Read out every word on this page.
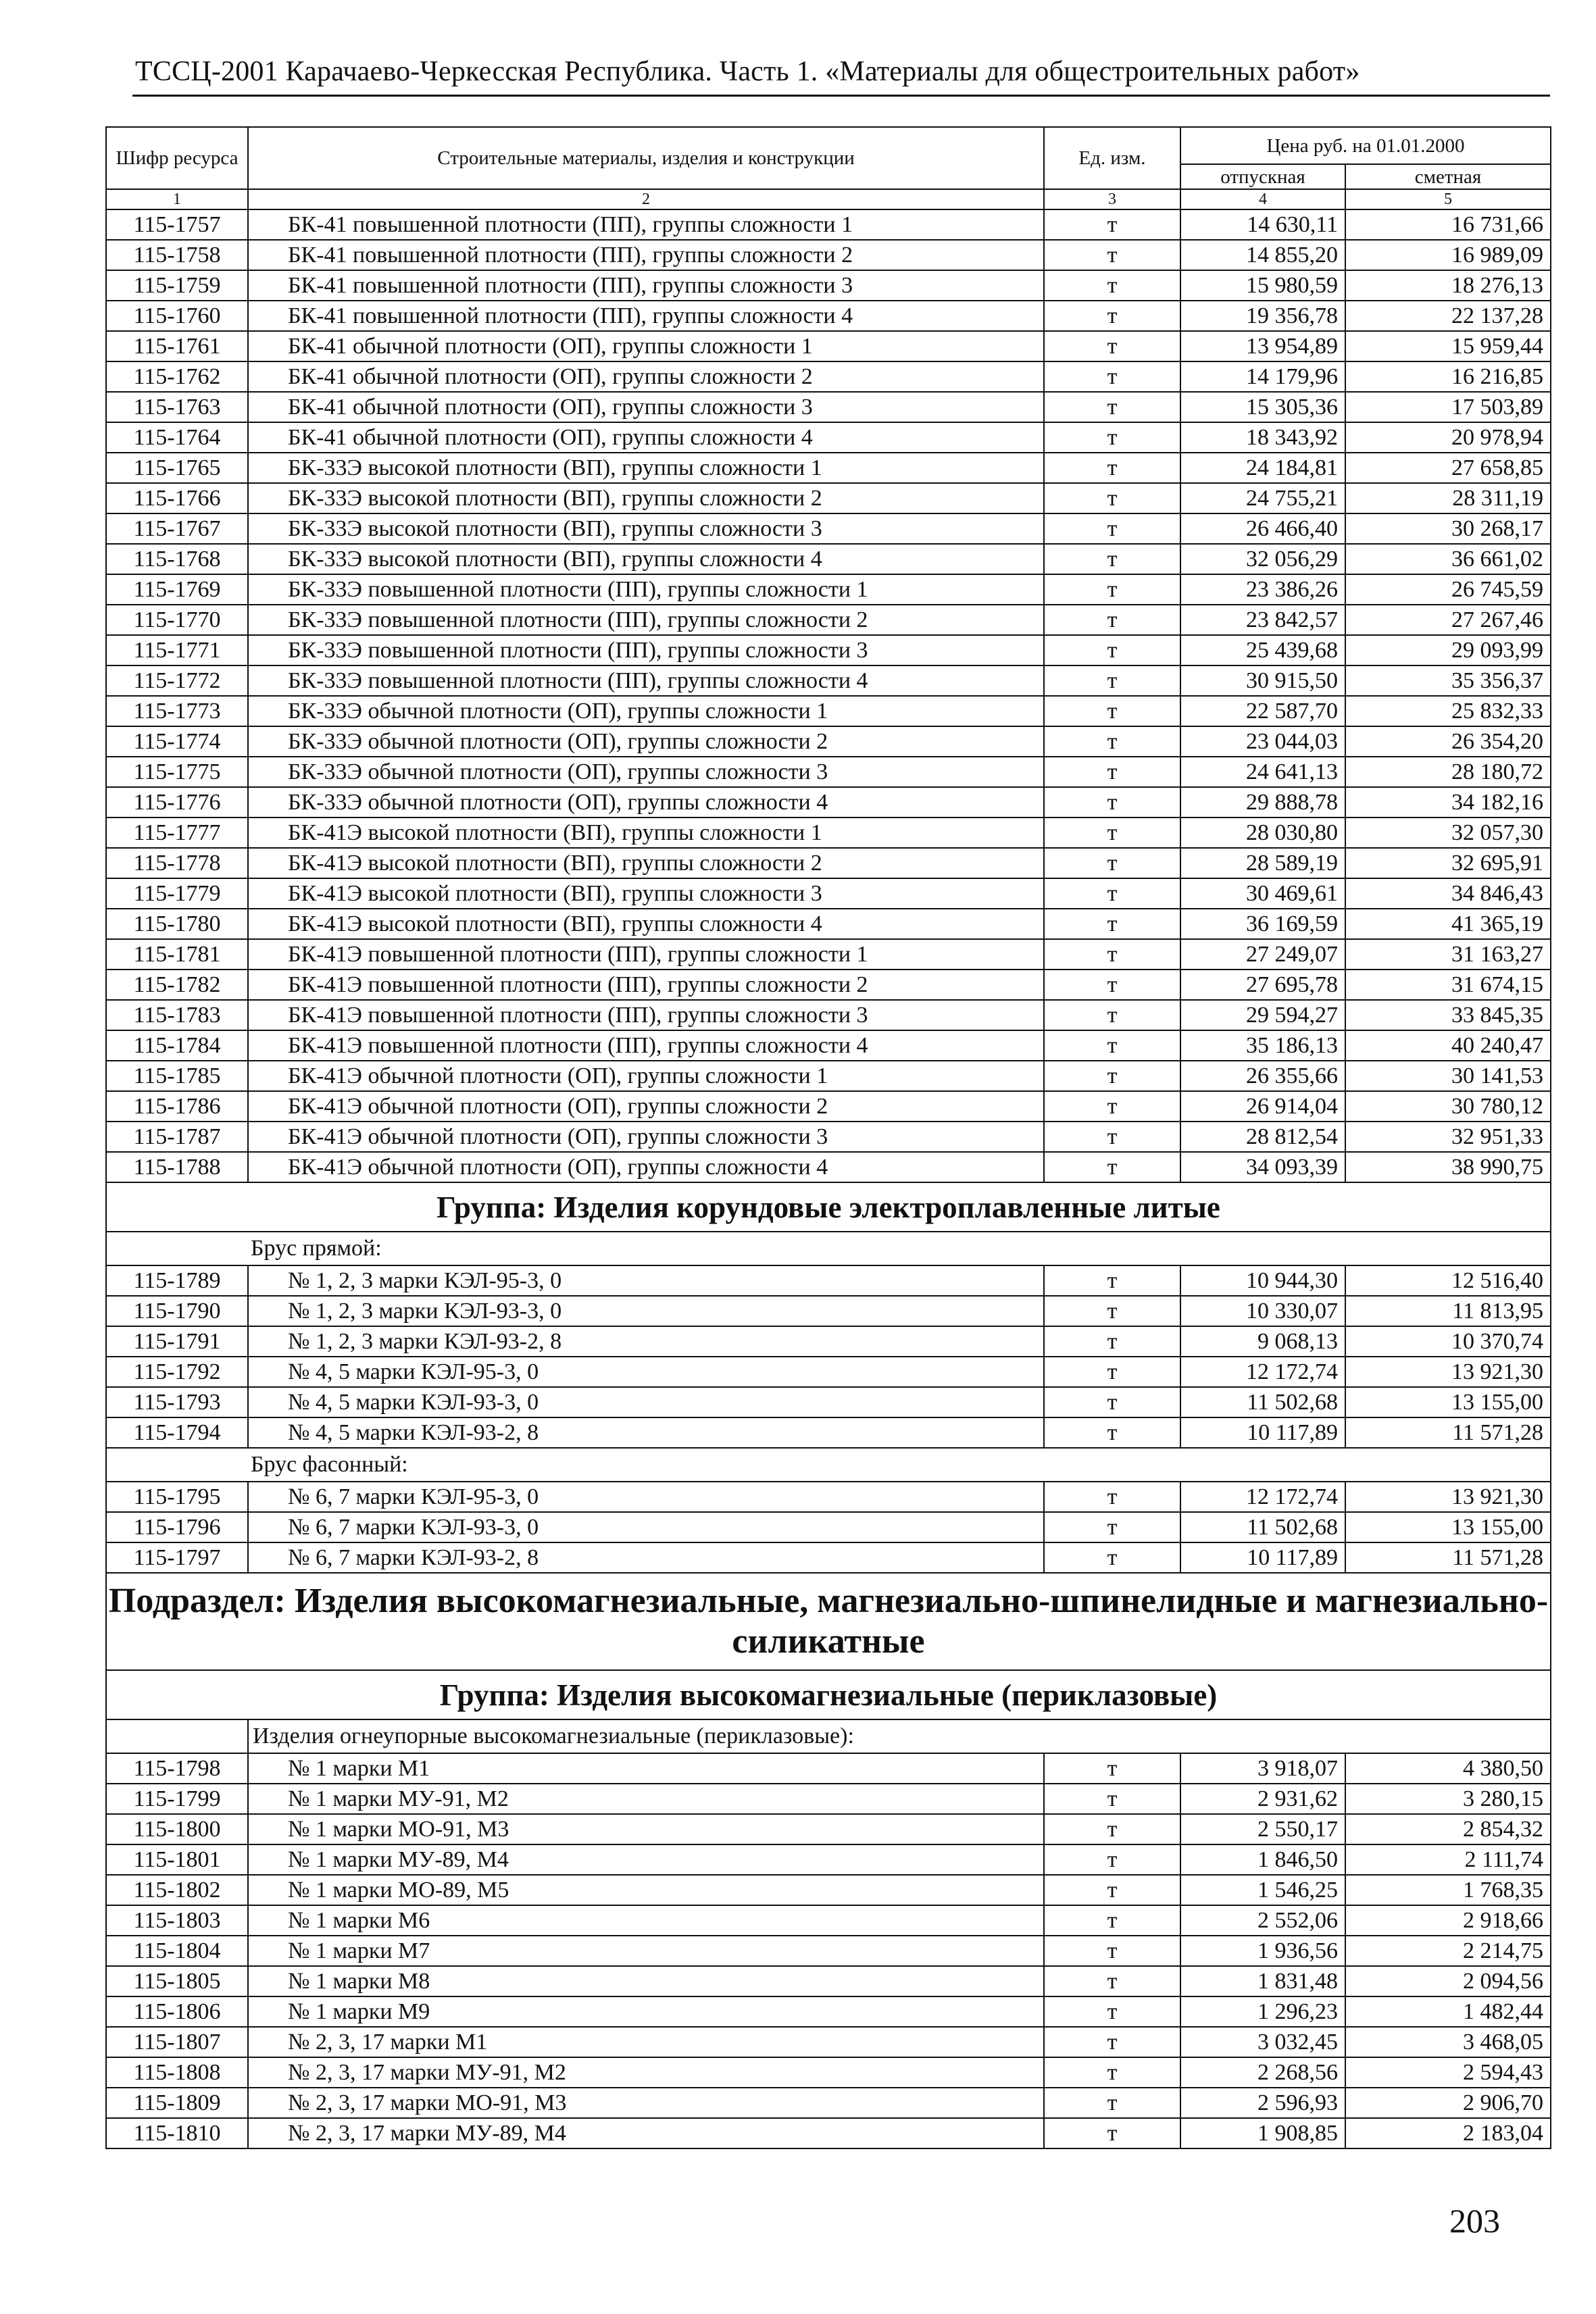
ТССЦ-2001 Карачаево-Черкесская Республика. Часть 1. «Материалы для общестроительных работ»
Шифр ресурса	Строительные материалы, изделия и конструкции	Ед. изм.	Цена руб. на 01.01.2000	
			отпускная	сметная
1	2	3	4	5
115-1757	БК-41 повышенной плотности (ПП), группы сложности 1	т	14 630,11	16 731,66
115-1758	БК-41 повышенной плотности (ПП), группы сложности 2	т	14 855,20	16 989,09
115-1759	БК-41 повышенной плотности (ПП), группы сложности 3	т	15 980,59	18 276,13
115-1760	БК-41 повышенной плотности (ПП), группы сложности 4	т	19 356,78	22 137,28
115-1761	БК-41 обычной плотности (ОП), группы сложности 1	т	13 954,89	15 959,44
115-1762	БК-41 обычной плотности (ОП), группы сложности 2	т	14 179,96	16 216,85
115-1763	БК-41 обычной плотности (ОП), группы сложности 3	т	15 305,36	17 503,89
115-1764	БК-41 обычной плотности (ОП), группы сложности 4	т	18 343,92	20 978,94
115-1765	БК-33Э высокой плотности (ВП), группы сложности 1	т	24 184,81	27 658,85
115-1766	БК-33Э высокой плотности (ВП), группы сложности 2	т	24 755,21	28 311,19
115-1767	БК-33Э высокой плотности (ВП), группы сложности 3	т	26 466,40	30 268,17
115-1768	БК-33Э высокой плотности (ВП), группы сложности 4	т	32 056,29	36 661,02
115-1769	БК-33Э повышенной плотности (ПП), группы сложности 1	т	23 386,26	26 745,59
115-1770	БК-33Э повышенной плотности (ПП), группы сложности 2	т	23 842,57	27 267,46
115-1771	БК-33Э повышенной плотности (ПП), группы сложности 3	т	25 439,68	29 093,99
115-1772	БК-33Э повышенной плотности (ПП), группы сложности 4	т	30 915,50	35 356,37
115-1773	БК-33Э обычной плотности (ОП), группы сложности 1	т	22 587,70	25 832,33
115-1774	БК-33Э обычной плотности (ОП), группы сложности 2	т	23 044,03	26 354,20
115-1775	БК-33Э обычной плотности (ОП), группы сложности 3	т	24 641,13	28 180,72
115-1776	БК-33Э обычной плотности (ОП), группы сложности 4	т	29 888,78	34 182,16
115-1777	БК-41Э высокой плотности (ВП), группы сложности 1	т	28 030,80	32 057,30
115-1778	БК-41Э высокой плотности (ВП), группы сложности 2	т	28 589,19	32 695,91
115-1779	БК-41Э высокой плотности (ВП), группы сложности 3	т	30 469,61	34 846,43
115-1780	БК-41Э высокой плотности (ВП), группы сложности 4	т	36 169,59	41 365,19
115-1781	БК-41Э повышенной плотности (ПП), группы сложности 1	т	27 249,07	31 163,27
115-1782	БК-41Э повышенной плотности (ПП), группы сложности 2	т	27 695,78	31 674,15
115-1783	БК-41Э повышенной плотности (ПП), группы сложности 3	т	29 594,27	33 845,35
115-1784	БК-41Э повышенной плотности (ПП), группы сложности 4	т	35 186,13	40 240,47
115-1785	БК-41Э обычной плотности (ОП), группы сложности 1	т	26 355,66	30 141,53
115-1786	БК-41Э обычной плотности (ОП), группы сложности 2	т	26 914,04	30 780,12
115-1787	БК-41Э обычной плотности (ОП), группы сложности 3	т	28 812,54	32 951,33
115-1788	БК-41Э обычной плотности (ОП), группы сложности 4	т	34 093,39	38 990,75
Группа: Изделия корундовые электроплавленные литые				
Брус прямой:				
115-1789	№ 1, 2, 3 марки КЭЛ-95-3, 0	т	10 944,30	12 516,40
115-1790	№ 1, 2, 3 марки КЭЛ-93-3, 0	т	10 330,07	11 813,95
115-1791	№ 1, 2, 3 марки КЭЛ-93-2, 8	т	9 068,13	10 370,74
115-1792	№ 4, 5 марки КЭЛ-95-3, 0	т	12 172,74	13 921,30
115-1793	№ 4, 5 марки КЭЛ-93-3, 0	т	11 502,68	13 155,00
115-1794	№ 4, 5 марки КЭЛ-93-2, 8	т	10 117,89	11 571,28
Брус фасонный:				
115-1795	№ 6, 7 марки КЭЛ-95-3, 0	т	12 172,74	13 921,30
115-1796	№ 6, 7 марки КЭЛ-93-3, 0	т	11 502,68	13 155,00
115-1797	№ 6, 7 марки КЭЛ-93-2, 8	т	10 117,89	11 571,28
Подраздел: Изделия высокомагнезиальные, магнезиально-шпинелидные и магнезиально-силикатные				
Группа: Изделия высокомагнезиальные (периклазовые)				
	Изделия огнеупорные высокомагнезиальные (периклазовые):			
115-1798	№ 1 марки М1	т	3 918,07	4 380,50
115-1799	№ 1 марки МУ-91, М2	т	2 931,62	3 280,15
115-1800	№ 1 марки МО-91, М3	т	2 550,17	2 854,32
115-1801	№ 1 марки МУ-89, М4	т	1 846,50	2 111,74
115-1802	№ 1 марки МО-89, М5	т	1 546,25	1 768,35
115-1803	№ 1 марки М6	т	2 552,06	2 918,66
115-1804	№ 1 марки М7	т	1 936,56	2 214,75
115-1805	№ 1 марки М8	т	1 831,48	2 094,56
115-1806	№ 1 марки М9	т	1 296,23	1 482,44
115-1807	№ 2, 3, 17 марки М1	т	3 032,45	3 468,05
115-1808	№ 2, 3, 17 марки МУ-91, М2	т	2 268,56	2 594,43
115-1809	№ 2, 3, 17 марки МО-91, М3	т	2 596,93	2 906,70
115-1810	№ 2, 3, 17 марки МУ-89, М4	т	1 908,85	2 183,04
203
